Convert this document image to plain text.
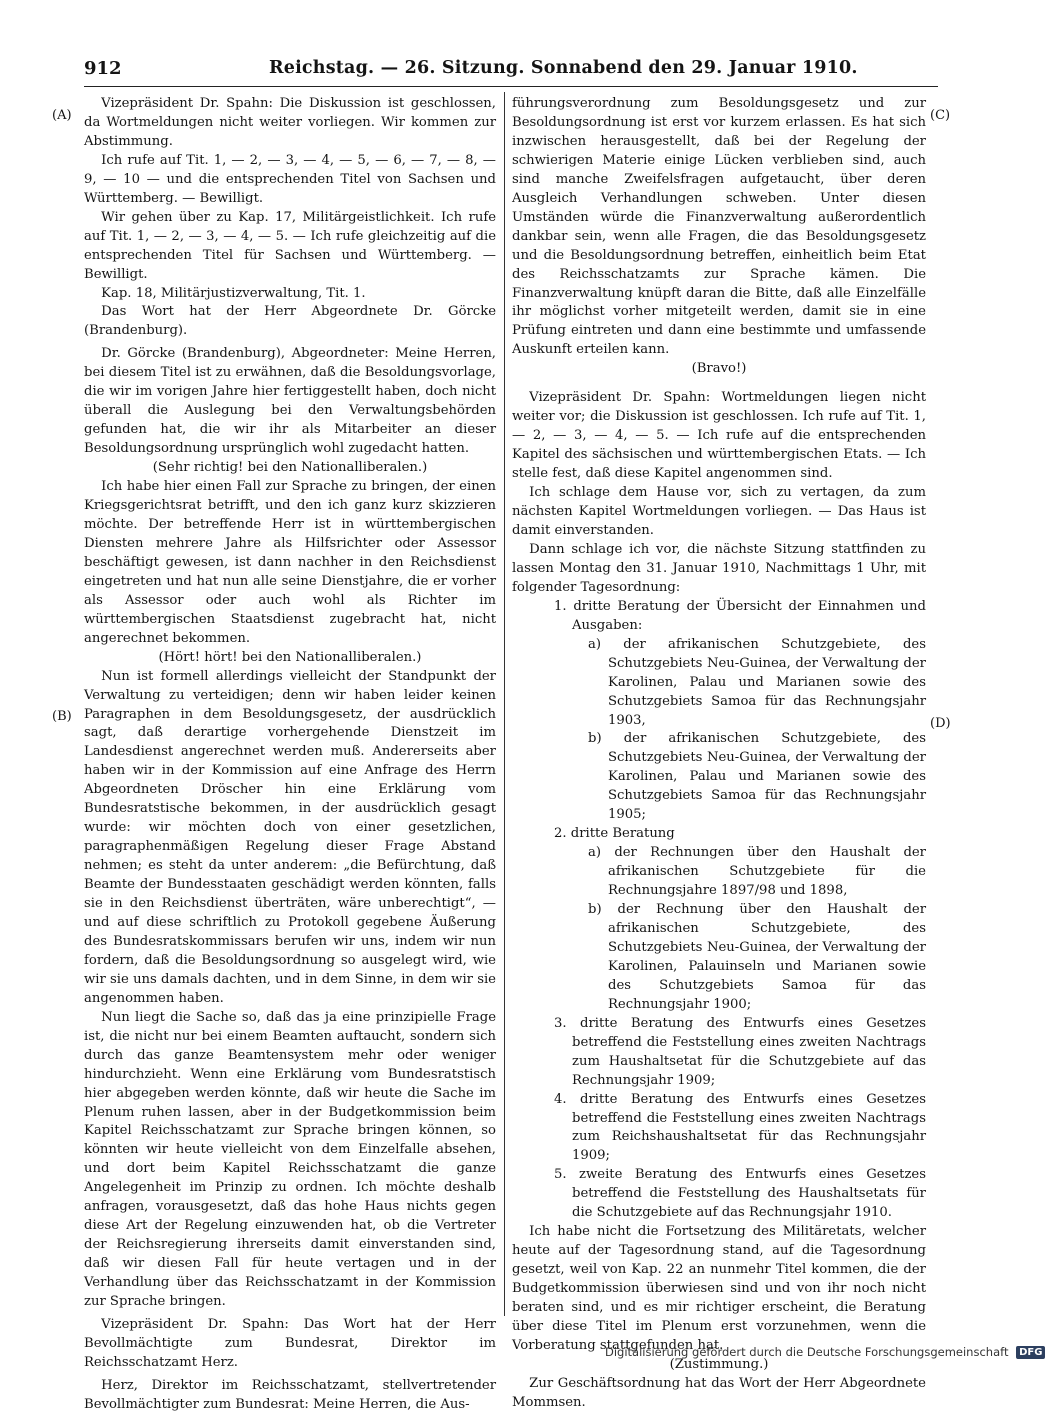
912	Reichstag. — 26. Sitzung. Sonnabend den 29. Januar 1910.
(A)
(B)
(C)
(D)

Vizepräsident Dr. Spahn: Die Diskussion ist geschlossen, da Wortmeldungen nicht weiter vorliegen. Wir kommen zur Abstimmung.

Ich rufe auf Tit. 1, — 2, — 3, — 4, — 5, — 6, — 7, — 8, — 9, — 10 — und die entsprechenden Titel von Sachsen und Württemberg. — Bewilligt.

Wir gehen über zu Kap. 17, Militärgeistlichkeit. Ich rufe auf Tit. 1, — 2, — 3, — 4, — 5. — Ich rufe gleichzeitig auf die entsprechenden Titel für Sachsen und Württemberg. — Bewilligt.

Kap. 18, Militärjustizverwaltung, Tit. 1.

Das Wort hat der Herr Abgeordnete Dr. Görcke (Brandenburg).

Dr. Görcke (Brandenburg), Abgeordneter: Meine Herren, bei diesem Titel ist zu erwähnen, daß die Besoldungsvorlage, die wir im vorigen Jahre hier fertiggestellt haben, doch nicht überall die Auslegung bei den Verwaltungsbehörden gefunden hat, die wir ihr als Mitarbeiter an dieser Besoldungsordnung ursprünglich wohl zugedacht hatten.

(Sehr richtig! bei den Nationalliberalen.)

Ich habe hier einen Fall zur Sprache zu bringen, der einen Kriegsgerichtsrat betrifft, und den ich ganz kurz skizzieren möchte. Der betreffende Herr ist in württembergischen Diensten mehrere Jahre als Hilfsrichter oder Assessor beschäftigt gewesen, ist dann nachher in den Reichsdienst eingetreten und hat nun alle seine Dienstjahre, die er vorher als Assessor oder auch wohl als Richter im württembergischen Staatsdienst zugebracht hat, nicht angerechnet bekommen.

(Hört! hört! bei den Nationalliberalen.)

Nun ist formell allerdings vielleicht der Standpunkt der Verwaltung zu verteidigen; denn wir haben leider keinen Paragraphen in dem Besoldungsgesetz, der ausdrücklich sagt, daß derartige vorhergehende Dienstzeit im Landesdienst angerechnet werden muß. Andererseits aber haben wir in der Kommission auf eine Anfrage des Herrn Abgeordneten Dröscher hin eine Erklärung vom Bundesratstische bekommen, in der ausdrücklich gesagt wurde: wir möchten doch von einer gesetzlichen, paragraphenmäßigen Regelung dieser Frage Abstand nehmen; es steht da unter anderem: „die Befürchtung, daß Beamte der Bundesstaaten geschädigt werden könnten, falls sie in den Reichsdienst überträten, wäre unberechtigt“, — und auf diese schriftlich zu Protokoll gegebene Äußerung des Bundesratskommissars berufen wir uns, indem wir nun fordern, daß die Besoldungsordnung so ausgelegt wird, wie wir sie uns damals dachten, und in dem Sinne, in dem wir sie angenommen haben.

Nun liegt die Sache so, daß das ja eine prinzipielle Frage ist, die nicht nur bei einem Beamten auftaucht, sondern sich durch das ganze Beamtensystem mehr oder weniger hindurchzieht. Wenn eine Erklärung vom Bundesratstisch hier abgegeben werden könnte, daß wir heute die Sache im Plenum ruhen lassen, aber in der Budgetkommission beim Kapitel Reichsschatzamt zur Sprache bringen können, so könnten wir heute vielleicht von dem Einzelfalle absehen, und dort beim Kapitel Reichsschatzamt die ganze Angelegenheit im Prinzip zu ordnen. Ich möchte deshalb anfragen, vorausgesetzt, daß das hohe Haus nichts gegen diese Art der Regelung einzuwenden hat, ob die Vertreter der Reichsregierung ihrerseits damit einverstanden sind, daß wir diesen Fall für heute vertagen und in der Verhandlung über das Reichsschatzamt in der Kommission zur Sprache bringen.

Vizepräsident Dr. Spahn: Das Wort hat der Herr Bevollmächtigte zum Bundesrat, Direktor im Reichsschatzamt Herz.

Herz, Direktor im Reichsschatzamt, stellvertretender Bevollmächtigter zum Bundesrat: Meine Herren, die Aus-

führungsverordnung zum Besoldungsgesetz und zur Besoldungsordnung ist erst vor kurzem erlassen. Es hat sich inzwischen herausgestellt, daß bei der Regelung der schwierigen Materie einige Lücken verblieben sind, auch sind manche Zweifelsfragen aufgetaucht, über deren Ausgleich Verhandlungen schweben. Unter diesen Umständen würde die Finanzverwaltung außerordentlich dankbar sein, wenn alle Fragen, die das Besoldungsgesetz und die Besoldungsordnung betreffen, einheitlich beim Etat des Reichsschatzamts zur Sprache kämen. Die Finanzverwaltung knüpft daran die Bitte, daß alle Einzelfälle ihr möglichst vorher mitgeteilt werden, damit sie in eine Prüfung eintreten und dann eine bestimmte und umfassende Auskunft erteilen kann.

(Bravo!)

Vizepräsident Dr. Spahn: Wortmeldungen liegen nicht weiter vor; die Diskussion ist geschlossen. Ich rufe auf Tit. 1, — 2, — 3, — 4, — 5. — Ich rufe auf die entsprechenden Kapitel des sächsischen und württembergischen Etats. — Ich stelle fest, daß diese Kapitel angenommen sind.

Ich schlage dem Hause vor, sich zu vertagen, da zum nächsten Kapitel Wortmeldungen vorliegen. — Das Haus ist damit einverstanden.

Dann schlage ich vor, die nächste Sitzung stattfinden zu lassen Montag den 31. Januar 1910, Nachmittags 1 Uhr, mit folgender Tagesordnung:

1. dritte Beratung der Übersicht der Einnahmen und Ausgaben:
a) der afrikanischen Schutzgebiete, des Schutzgebiets Neu-Guinea, der Verwaltung der Karolinen, Palau und Marianen sowie des Schutzgebiets Samoa für das Rechnungsjahr 1903,
b) der afrikanischen Schutzgebiete, des Schutzgebiets Neu-Guinea, der Verwaltung der Karolinen, Palau und Marianen sowie des Schutzgebiets Samoa für das Rechnungsjahr 1905;
2. dritte Beratung
a) der Rechnungen über den Haushalt der afrikanischen Schutzgebiete für die Rechnungsjahre 1897/98 und 1898,
b) der Rechnung über den Haushalt der afrikanischen Schutzgebiete, des Schutzgebiets Neu-Guinea, der Verwaltung der Karolinen, Palauinseln und Marianen sowie des Schutzgebiets Samoa für das Rechnungsjahr 1900;
3. dritte Beratung des Entwurfs eines Gesetzes betreffend die Feststellung eines zweiten Nachtrags zum Haushaltsetat für die Schutzgebiete auf das Rechnungsjahr 1909;
4. dritte Beratung des Entwurfs eines Gesetzes betreffend die Feststellung eines zweiten Nachtrags zum Reichshaushaltsetat für das Rechnungsjahr 1909;
5. zweite Beratung des Entwurfs eines Gesetzes betreffend die Feststellung des Haushaltsetats für die Schutzgebiete auf das Rechnungsjahr 1910.

Ich habe nicht die Fortsetzung des Militäretats, welcher heute auf der Tagesordnung stand, auf die Tagesordnung gesetzt, weil von Kap. 22 an nunmehr Titel kommen, die der Budgetkommission überwiesen sind und von ihr noch nicht beraten sind, und es mir richtiger erscheint, die Beratung über diese Titel im Plenum erst vorzunehmen, wenn die Vorberatung stattgefunden hat.

(Zustimmung.)

Zur Geschäftsordnung hat das Wort der Herr Abgeordnete Mommsen.

Digitalisierung gefördert durch die Deutsche Forschungsgemeinschaft DFG
